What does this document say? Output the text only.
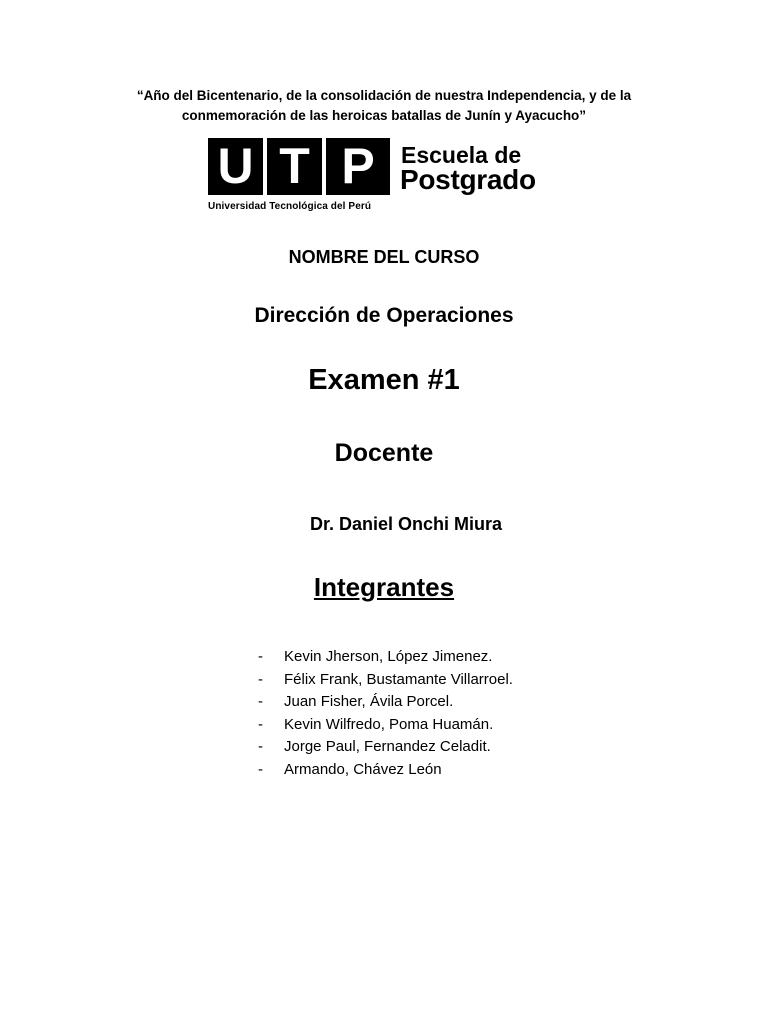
“Año del Bicentenario, de la consolidación de nuestra Independencia, y de la
conmemoración de las heroicas batallas de Junín y Ayacucho”
U T P
Universidad Tecnológica del Perú
Escuela de
Postgrado
NOMBRE DEL CURSO
Dirección de Operaciones
Examen #1
Docente
Dr. Daniel Onchi Miura
Integrantes
- Kevin Jherson, López Jimenez.
- Félix Frank, Bustamante Villarroel.
- Juan Fisher, Ávila Porcel.
- Kevin Wilfredo, Poma Huamán.
- Jorge Paul, Fernandez Celadit.
- Armando, Chávez León
